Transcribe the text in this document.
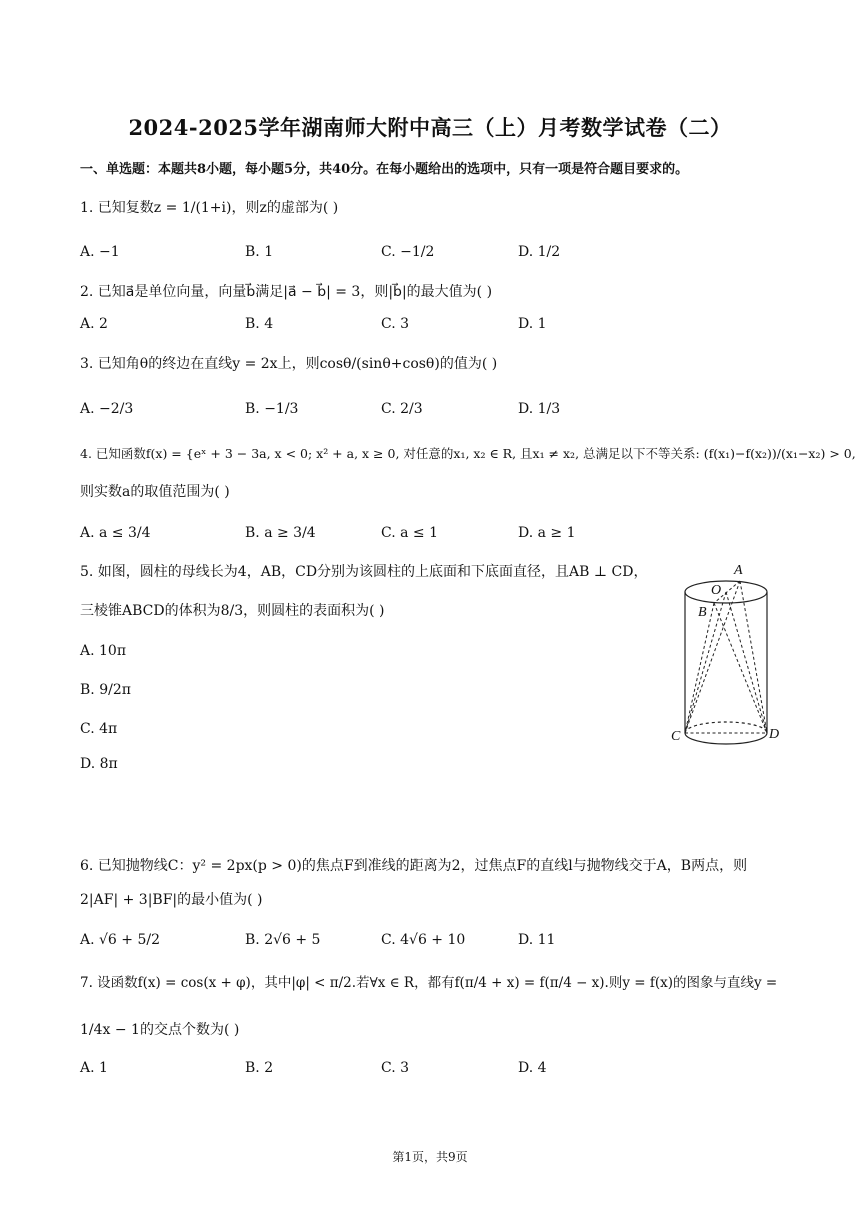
2024-2025学年湖南师大附中高三（上）月考数学试卷（二）
一、单选题：本题共8小题，每小题5分，共40分。在每小题给出的选项中，只有一项是符合题目要求的。
1. 已知复数z = 1/(1+i)，则z的虚部为( )
A. −1	B. 1	C. −1/2	D. 1/2
2. 已知a⃗是单位向量，向量b⃗满足|a⃗ − b⃗| = 3，则|b⃗|的最大值为( )
A. 2	B. 4	C. 3	D. 1
3. 已知角θ的终边在直线y = 2x上，则cosθ/(sinθ+cosθ)的值为( )
A. −2/3	B. −1/3	C. 2/3	D. 1/3
4. 已知函数f(x) = {eˣ + 3 − 3a, x < 0; x² + a, x ≥ 0, 对任意的x₁, x₂ ∈ R, 且x₁ ≠ x₂, 总满足以下不等关系: (f(x₁)−f(x₂))/(x₁−x₂) > 0,
则实数a的取值范围为( )
A. a ≤ 3/4	B. a ≥ 3/4	C. a ≤ 1	D. a ≥ 1
5. 如图，圆柱的母线长为4，AB，CD分别为该圆柱的上底面和下底面直径，且AB ⊥ CD，
三棱锥ABCD的体积为8/3，则圆柱的表面积为( )
A. 10π
B. 9/2π
C. 4π
D. 8π
A
O
B
C	D
6. 已知抛物线C：y² = 2px(p > 0)的焦点F到准线的距离为2，过焦点F的直线l与抛物线交于A，B两点，则
2|AF| + 3|BF|的最小值为( )
A. √6 + 5/2	B. 2√6 + 5	C. 4√6 + 10	D. 11
7. 设函数f(x) = cos(x + φ)，其中|φ| < π/2.若∀x ∈ R，都有f(π/4 + x) = f(π/4 − x).则y = f(x)的图象与直线y =
1/4x − 1的交点个数为( )
A. 1	B. 2	C. 3	D. 4
第1页，共9页
